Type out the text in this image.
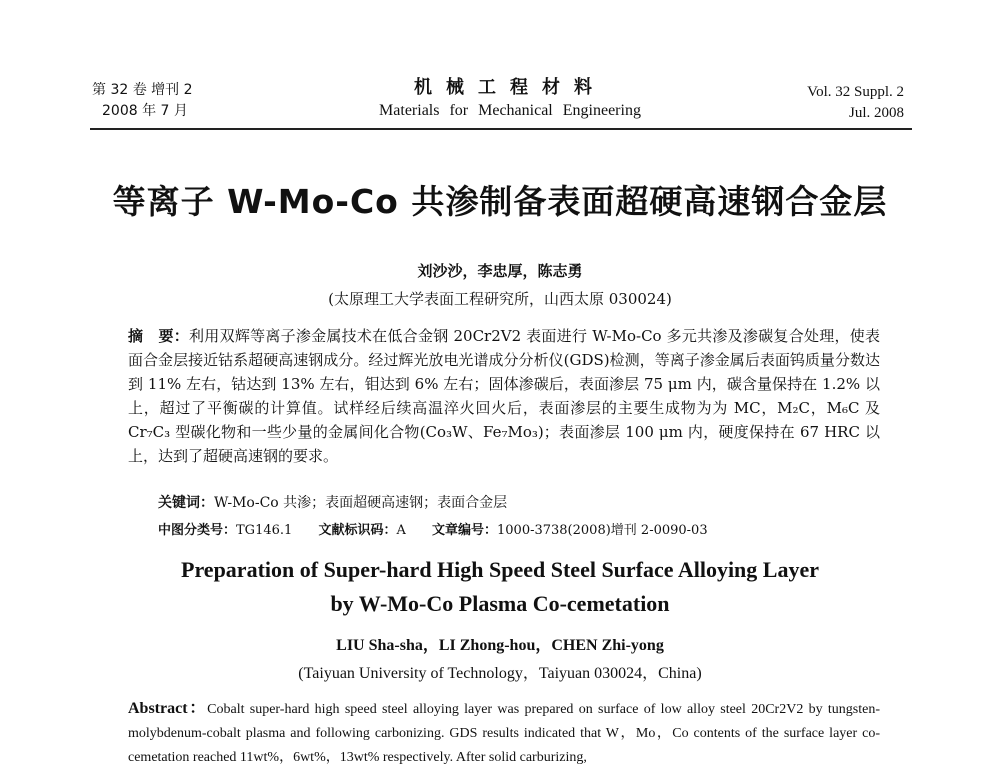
第 32 卷 增刊 2
2008 年 7 月
机械工程材料
Materials for Mechanical Engineering
Vol. 32 Suppl. 2
Jul. 2008
等离子 W-Mo-Co 共渗制备表面超硬高速钢合金层
刘沙沙，李忠厚，陈志勇
(太原理工大学表面工程研究所，山西太原 030024)
摘　要：利用双辉等离子渗金属技术在低合金钢 20Cr2V2 表面进行 W-Mo-Co 多元共渗及渗碳复合处理，使表面合金层接近钴系超硬高速钢成分。经过辉光放电光谱成分分析仪(GDS)检测，等离子渗金属后表面钨质量分数达到 11% 左右，钴达到 13% 左右，钼达到 6% 左右；固体渗碳后，表面渗层 75 μm 内，碳含量保持在 1.2% 以上，超过了平衡碳的计算值。试样经后续高温淬火回火后，表面渗层的主要生成物为为 MC，M₂C，M₆C 及 Cr₇C₃ 型碳化物和一些少量的金属间化合物(Co₃W、Fe₇Mo₃)；表面渗层 100 μm 内，硬度保持在 67 HRC 以上，达到了超硬高速钢的要求。
关键词：W-Mo-Co 共渗；表面超硬高速钢；表面合金层
中图分类号：TG146.1 文献标识码：A 文章编号：1000-3738(2008)增刊 2-0090-03
Preparation of Super-hard High Speed Steel Surface Alloying Layer
by W-Mo-Co Plasma Co-cemetation
LIU Sha-sha，LI Zhong-hou，CHEN Zhi-yong
(Taiyuan University of Technology，Taiyuan 030024，China)
Abstract：Cobalt super-hard high speed steel alloying layer was prepared on surface of low alloy steel 20Cr2V2 by tungsten-molybdenum-cobalt plasma and following carbonizing. GDS results indicated that W，Mo，Co contents of the surface layer co-cemetation reached 11wt%，6wt%，13wt% respectively. After solid carburizing,
